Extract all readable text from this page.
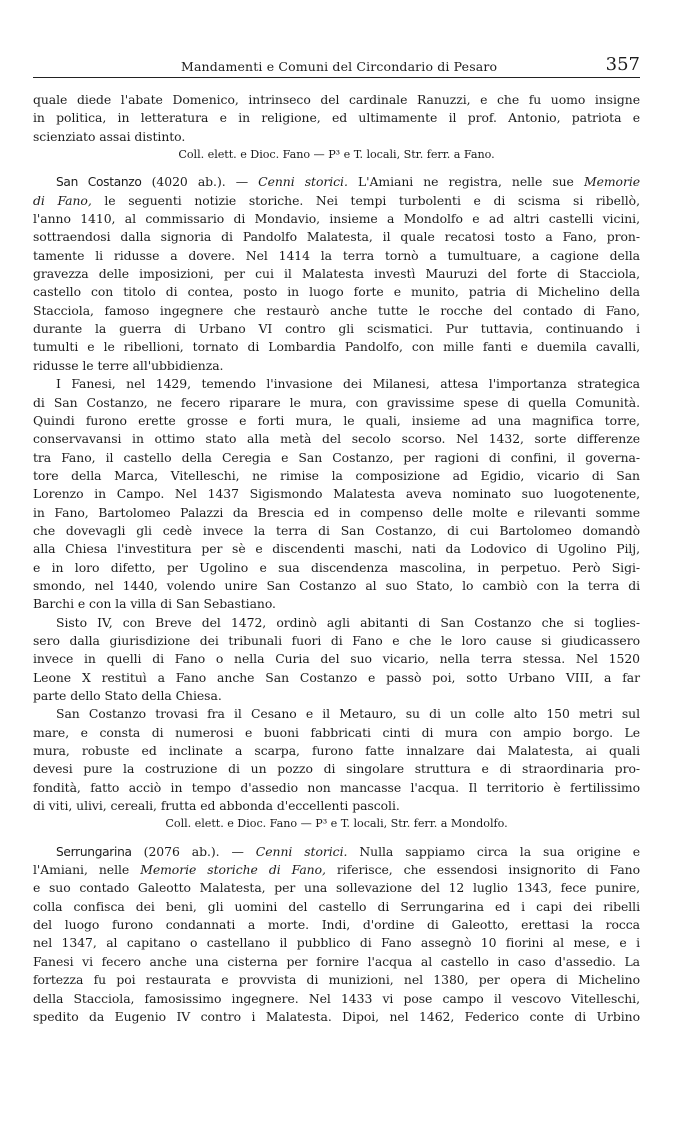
Mandamenti e Comuni del Circondario di Pesaro	357
quale diede l'abate Domenico, intrinseco del cardinale Ranuzzi, e che fu uomo insigne
in politica, in letteratura e in religione, ed ultimamente il prof. Antonio, patriota e
scienziato assai distinto.
Coll. elett. e Dioc. Fano — P³ e T. locali, Str. ferr. a Fano.
San Costanzo (4020 ab.). — Cenni storici. L'Amiani ne registra, nelle sue Memorie
di Fano, le seguenti notizie storiche. Nei tempi turbolenti e di scisma si ribellò,
l'anno 1410, al commissario di Mondavio, insieme a Mondolfo e ad altri castelli vicini,
sottraendosi dalla signoria di Pandolfo Malatesta, il quale recatosi tosto a Fano, pron-
tamente li ridusse a dovere. Nel 1414 la terra tornò a tumultuare, a cagione della
gravezza delle imposizioni, per cui il Malatesta investì Mauruzi del forte di Stacciola,
castello con titolo di contea, posto in luogo forte e munito, patria di Michelino della
Stacciola, famoso ingegnere che restaurò anche tutte le rocche del contado di Fano,
durante la guerra di Urbano VI contro gli scismatici. Pur tuttavia, continuando i
tumulti e le ribellioni, tornato di Lombardia Pandolfo, con mille fanti e duemila cavalli,
ridusse le terre all'ubbidienza.
I Fanesi, nel 1429, temendo l'invasione dei Milanesi, attesa l'importanza strategica
di San Costanzo, ne fecero riparare le mura, con gravissime spese di quella Comunità.
Quindi furono erette grosse e forti mura, le quali, insieme ad una magnifica torre,
conservavansi in ottimo stato alla metà del secolo scorso. Nel 1432, sorte differenze
tra Fano, il castello della Ceregia e San Costanzo, per ragioni di confini, il governa-
tore della Marca, Vitelleschi, ne rimise la composizione ad Egidio, vicario di San
Lorenzo in Campo. Nel 1437 Sigismondo Malatesta aveva nominato suo luogotenente,
in Fano, Bartolomeo Palazzi da Brescia ed in compenso delle molte e rilevanti somme
che dovevagli gli cedè invece la terra di San Costanzo, di cui Bartolomeo domandò
alla Chiesa l'investitura per sè e discendenti maschi, nati da Lodovico di Ugolino Pilj,
e in loro difetto, per Ugolino e sua discendenza mascolina, in perpetuo. Però Sigi-
smondo, nel 1440, volendo unire San Costanzo al suo Stato, lo cambiò con la terra di
Barchi e con la villa di San Sebastiano.
Sisto IV, con Breve del 1472, ordinò agli abitanti di San Costanzo che si toglies-
sero dalla giurisdizione dei tribunali fuori di Fano e che le loro cause si giudicassero
invece in quelli di Fano o nella Curia del suo vicario, nella terra stessa. Nel 1520
Leone X restituì a Fano anche San Costanzo e passò poi, sotto Urbano VIII, a far
parte dello Stato della Chiesa.
San Costanzo trovasi fra il Cesano e il Metauro, su di un colle alto 150 metri sul
mare, e consta di numerosi e buoni fabbricati cinti di mura con ampio borgo. Le
mura, robuste ed inclinate a scarpa, furono fatte innalzare dai Malatesta, ai quali
devesi pure la costruzione di un pozzo di singolare struttura e di straordinaria pro-
fondità, fatto acciò in tempo d'assedio non mancasse l'acqua. Il territorio è fertilissimo
di viti, ulivi, cereali, frutta ed abbonda d'eccellenti pascoli.
Coll. elett. e Dioc. Fano — P³ e T. locali, Str. ferr. a Mondolfo.
Serrungarina (2076 ab.). — Cenni storici. Nulla sappiamo circa la sua origine e
l'Amiani, nelle Memorie storiche di Fano, riferisce, che essendosi insignorito di Fano
e suo contado Galeotto Malatesta, per una sollevazione del 12 luglio 1343, fece punire,
colla confisca dei beni, gli uomini del castello di Serrungarina ed i capi dei ribelli
del luogo furono condannati a morte. Indi, d'ordine di Galeotto, erettasi la rocca
nel 1347, al capitano o castellano il pubblico di Fano assegnò 10 fiorini al mese, e i
Fanesi vi fecero anche una cisterna per fornire l'acqua al castello in caso d'assedio. La
fortezza fu poi restaurata e provvista di munizioni, nel 1380, per opera di Michelino
della Stacciola, famosissimo ingegnere. Nel 1433 vi pose campo il vescovo Vitelleschi,
spedito da Eugenio IV contro i Malatesta. Dipoi, nel 1462, Federico conte di Urbino
